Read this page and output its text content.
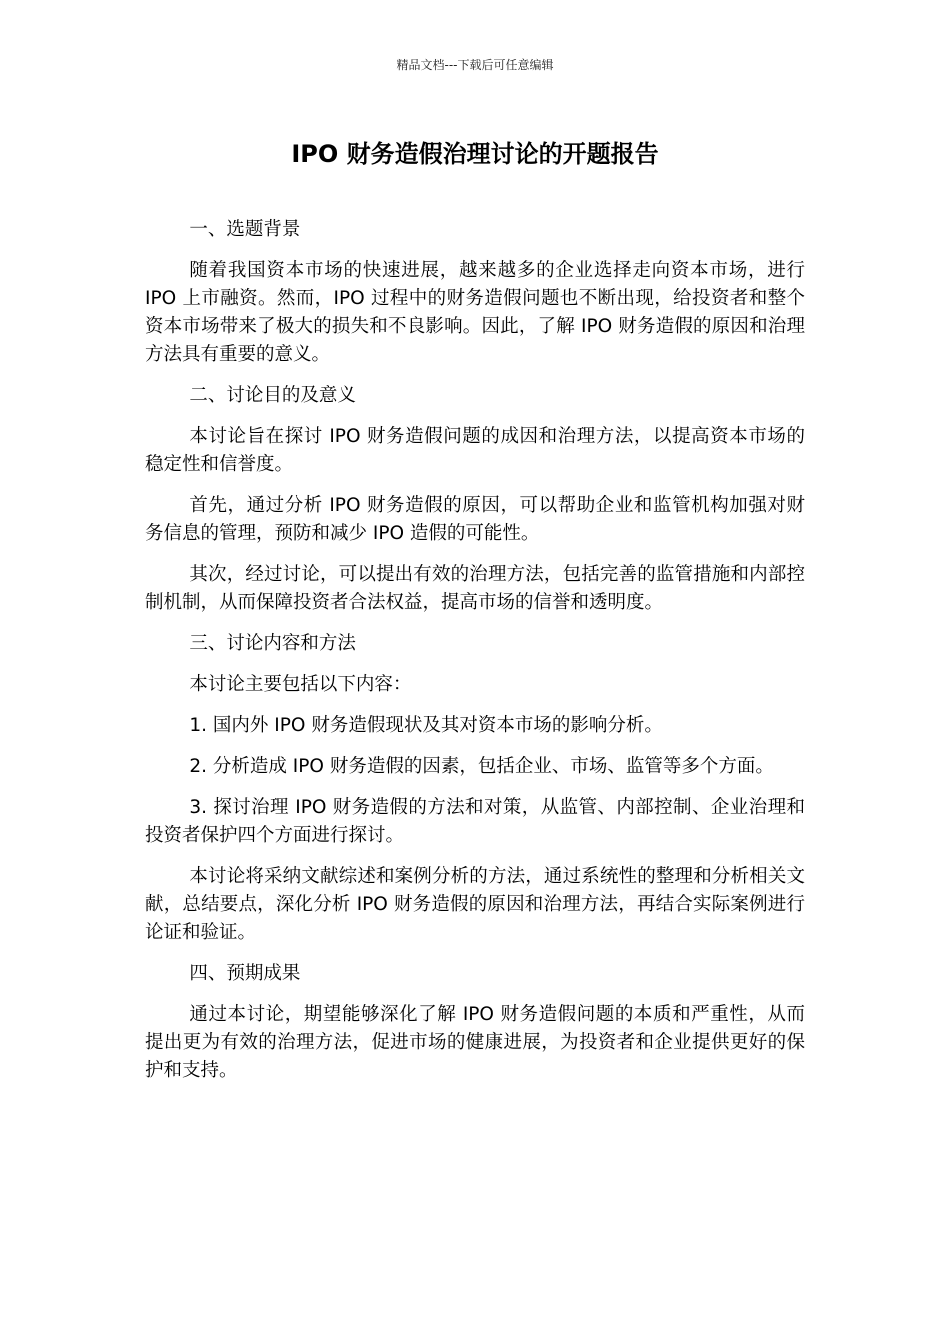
精品文档---下载后可任意编辑
IPO 财务造假治理讨论的开题报告

一、选题背景

随着我国资本市场的快速进展，越来越多的企业选择走向资本市场，进行 IPO 上市融资。然而，IPO 过程中的财务造假问题也不断出现，给投资者和整个资本市场带来了极大的损失和不良影响。因此，了解 IPO 财务造假的原因和治理方法具有重要的意义。

二、讨论目的及意义

本讨论旨在探讨 IPO 财务造假问题的成因和治理方法，以提高资本市场的稳定性和信誉度。

首先，通过分析 IPO 财务造假的原因，可以帮助企业和监管机构加强对财务信息的管理，预防和减少 IPO 造假的可能性。

其次，经过讨论，可以提出有效的治理方法，包括完善的监管措施和内部控制机制，从而保障投资者合法权益，提高市场的信誉和透明度。

三、讨论内容和方法

本讨论主要包括以下内容：

1. 国内外 IPO 财务造假现状及其对资本市场的影响分析。

2. 分析造成 IPO 财务造假的因素，包括企业、市场、监管等多个方面。

3. 探讨治理 IPO 财务造假的方法和对策，从监管、内部控制、企业治理和投资者保护四个方面进行探讨。

本讨论将采纳文献综述和案例分析的方法，通过系统性的整理和分析相关文献，总结要点，深化分析 IPO 财务造假的原因和治理方法，再结合实际案例进行论证和验证。

四、预期成果

通过本讨论，期望能够深化了解 IPO 财务造假问题的本质和严重性，从而提出更为有效的治理方法，促进市场的健康进展，为投资者和企业提供更好的保护和支持。
